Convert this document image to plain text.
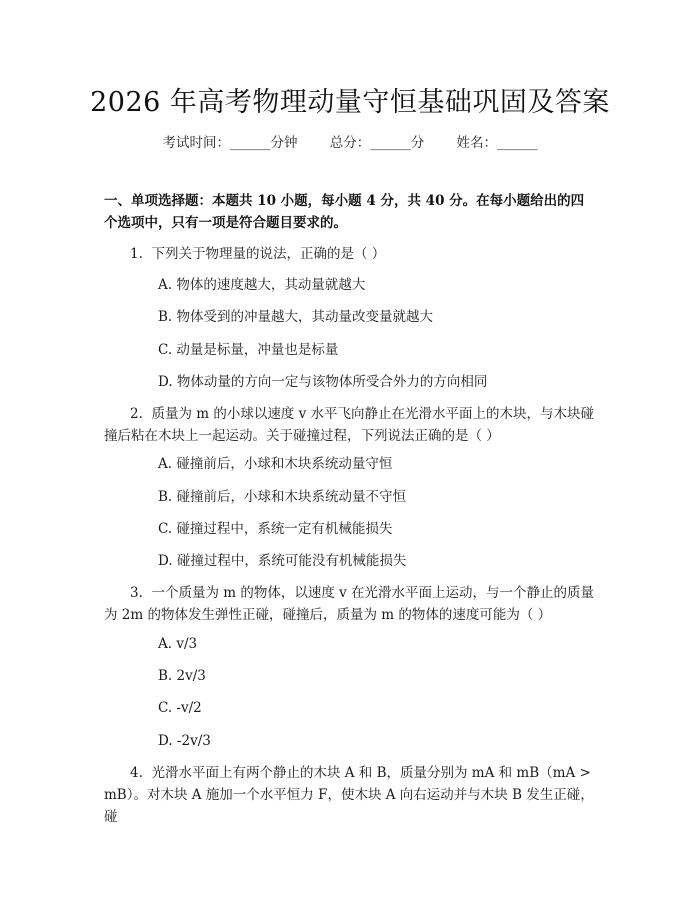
2026 年高考物理动量守恒基础巩固及答案
考试时间：______分钟 总分：______分 姓名：______
一、单项选择题：本题共 10 小题，每小题 4 分，共 40 分。在每小题给出的四个选项中，只有一项是符合题目要求的。
1.  下列关于物理量的说法，正确的是（ ）
A. 物体的速度越大，其动量就越大
B. 物体受到的冲量越大，其动量改变量就越大
C. 动量是标量，冲量也是标量
D. 物体动量的方向一定与该物体所受合外力的方向相同
2.  质量为 m 的小球以速度 v 水平飞向静止在光滑水平面上的木块，与木块碰撞后粘在木块上一起运动。关于碰撞过程，下列说法正确的是（ ）
A. 碰撞前后，小球和木块系统动量守恒
B. 碰撞前后，小球和木块系统动量不守恒
C. 碰撞过程中，系统一定有机械能损失
D. 碰撞过程中，系统可能没有机械能损失
3.  一个质量为 m 的物体，以速度 v 在光滑水平面上运动，与一个静止的质量为 2m 的物体发生弹性正碰，碰撞后，质量为 m 的物体的速度可能为（ ）
A. v/3
B. 2v/3
C. -v/2
D. -2v/3
4.  光滑水平面上有两个静止的木块 A 和 B，质量分别为 mA 和 mB（mA > mB）。对木块 A 施加一个水平恒力 F，使木块 A 向右运动并与木块 B 发生正碰，碰
